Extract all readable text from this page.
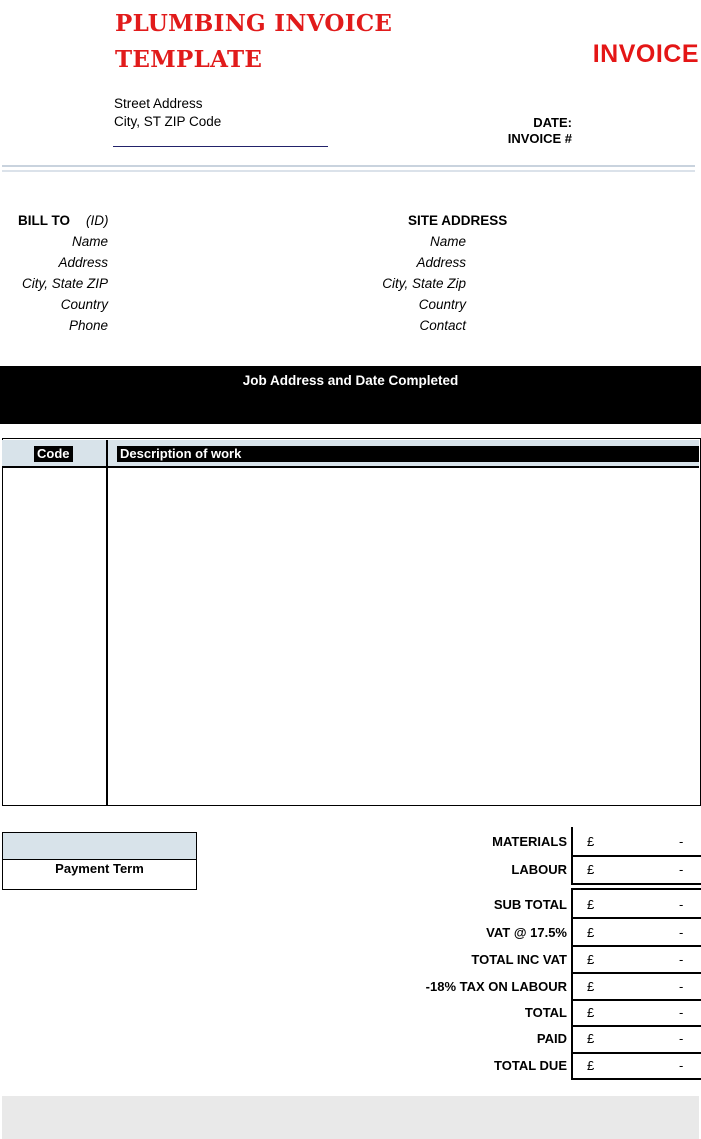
PLUMBING INVOICE
TEMPLATE	INVOICE
Street Address
City, ST ZIP Code	DATE:
INVOICE #
BILL TO (ID)
Name
Address
City, State ZIP
Country
Phone
SITE ADDRESS
Name
Address
City, State Zip
Country
Contact
Job Address and Date Completed
Code	Description of work
Payment Term
MATERIALS £	-
LABOUR £	-
SUB TOTAL £	-
VAT @ 17.5% £	-
TOTAL INC VAT £	-
-18% TAX ON LABOUR £	-
TOTAL £	-
PAID £	-
TOTAL DUE £	-
